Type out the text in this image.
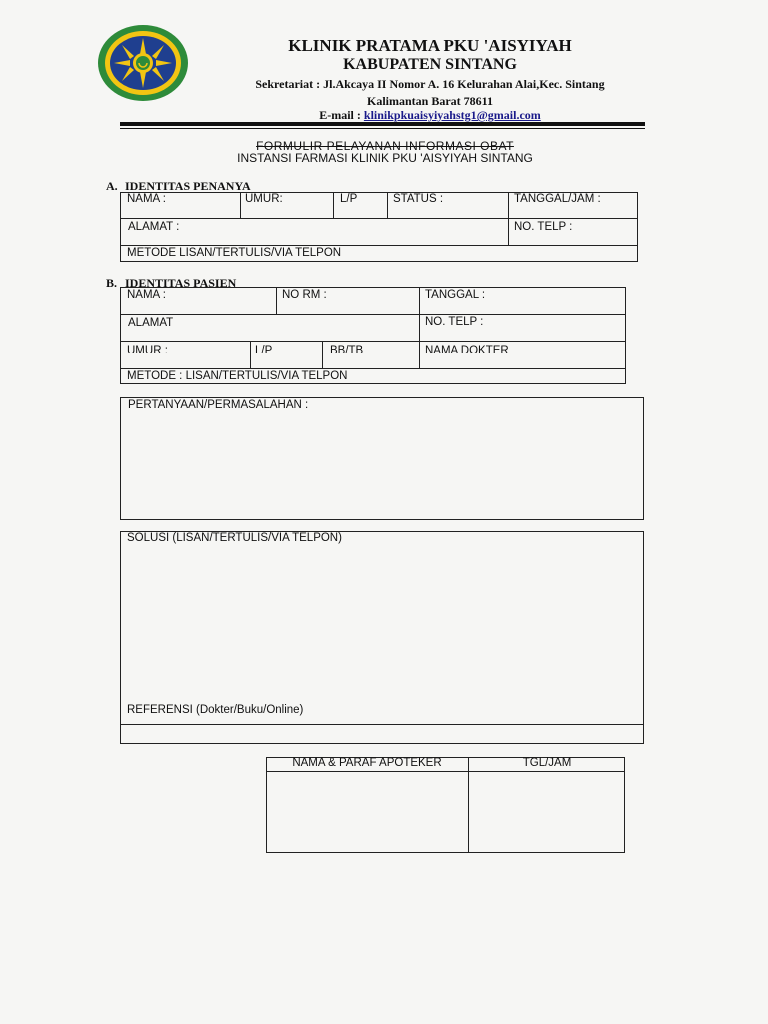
KLINIK PRATAMA PKU 'AISYIYAH
KABUPATEN SINTANG
Sekretariat : Jl.Akcaya II Nomor A. 16 Kelurahan Alai,Kec. Sintang
Kalimantan Barat 78611
E-mail : klinikpkuaisyiyahstg1@gmail.com
FORMULIR PELAYANAN INFORMASI OBAT
INSTANSI FARMASI KLINIK PKU 'AISYIYAH SINTANG
A. IDENTITAS PENANYA
NAMA :	UMUR:	L/P	STATUS :	TANGGAL/JAM :
ALAMAT :	NO. TELP :
METODE LISAN/TERTULIS/VIA TELPON
B. IDENTITAS PASIEN
NAMA :	NO RM :	TANGGAL :
ALAMAT	NO. TELP :
UMUR :	L/P	BB/TB	NAMA DOKTER
METODE : LISAN/TERTULIS/VIA TELPON
PERTANYAAN/PERMASALAHAN :
SOLUSI (LISAN/TERTULIS/VIA TELPON)
REFERENSI (Dokter/Buku/Online)
NAMA & PARAF APOTEKER	TGL/JAM
